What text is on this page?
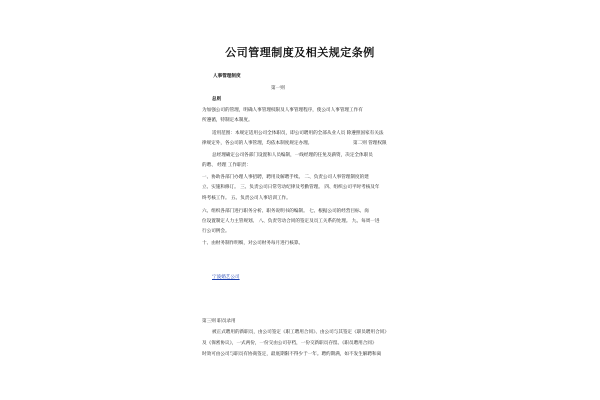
公司管理制度及相关规定条例
人事管理制度
第一则
总则
为加强公司的管理，明确人事管理权限及人事管理程序，使公司人事管理工作有
所遵循，特制定本制度。
适用范围：本规定适用公司全体职员，即公司聘用的全部从业人员 除遵照国家有关法
律规定外，各公司的人事管理，均依本制度规定办理。	第二则 管理权限
总经理确定公司各部门设置和人员编制，一线经理的任免及薪资，决定全体职员
的聘、 经理 工作职责：
一、协助各部门办理人事招聘，聘用及解聘手续。 二、负责公司人事管理制度的建
立、实施和修订。 三、负责公司日常劳动纪律及考勤管理。 四、组织公司平时考核及年
终考核工作。 五、负责公司人事培训工作。
六、组织各部门进行职务分析、职务说明书的编制。 七、根据公司的经营目标、岗
位设置制定人力主管规划。 八、负责劳动合同的签定及员工关系的处理。 九、每周一进
行公司例会。
十、由财务制作明细，对公司财务每月进行核算。
宁波婚艺公司
第三则 职员录用
被正式聘用的新职员，由公司签定《职工聘用合同》、由公司与其签定《职员聘用合同》
及《保密协议》，一式两份，一份交由公司存档，一份交新职员存留。《职员聘用合同》
时效可由公司与职员有协商签定，最底期限不得少于一年。聘约期满，如不发生解聘和离
